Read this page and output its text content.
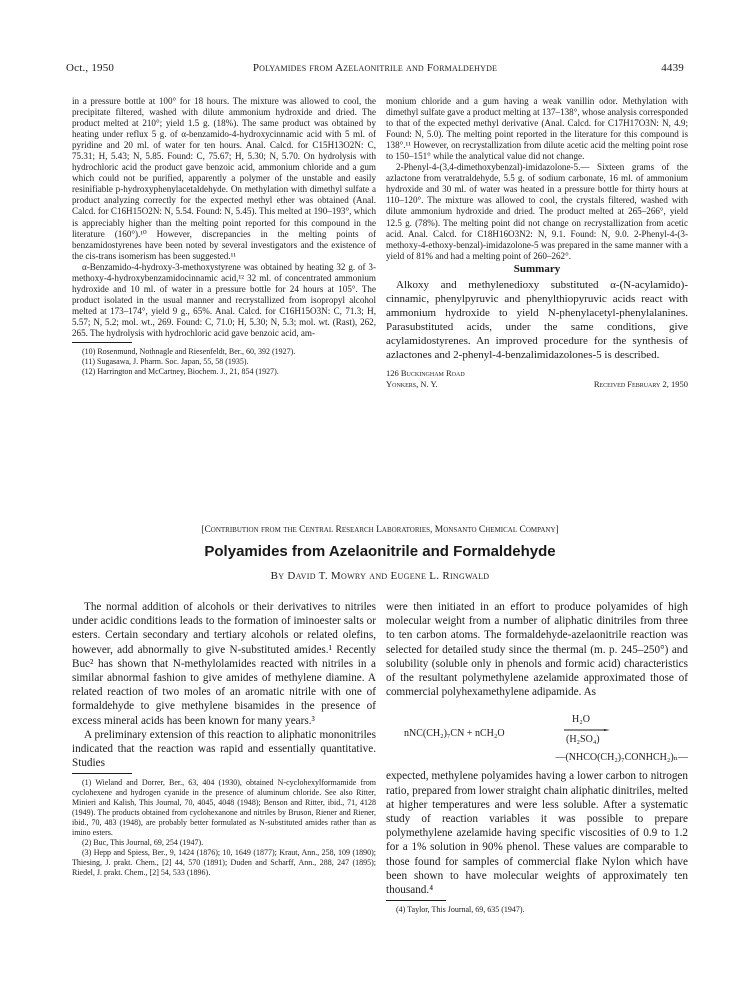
Oct., 1950	Polyamides from Azelaonitrile and Formaldehyde	4439

in a pressure bottle at 100° for 18 hours. The mixture was allowed to cool, the precipitate filtered, washed with dilute ammonium hydroxide and dried. The product melted at 210°; yield 1.5 g. (18%). The same product was obtained by heating under reflux 5 g. of α-benzamido-4-hydroxycinnamic acid with 5 ml. of pyridine and 20 ml. of water for ten hours. Anal. Calcd. for C15H13O2N: C, 75.31; H, 5.43; N, 5.85. Found: C, 75.67; H, 5.30; N, 5.70. On hydrolysis with hydrochloric acid the product gave benzoic acid, ammonium chloride and a gum which could not be purified, apparently a polymer of the unstable and easily resinifiable p-hydroxyphenylacetaldehyde. On methylation with dimethyl sulfate a product analyzing correctly for the expected methyl ether was obtained (Anal. Calcd. for C16H15O2N: N, 5.54. Found: N, 5.45). This melted at 190–193°, which is appreciably higher than the melting point reported for this compound in the literature (160°).¹⁰ However, discrepancies in the melting points of benzamidostyrenes have been noted by several investigators and the existence of the cis-trans isomerism has been suggested.¹¹

α-Benzamido-4-hydroxy-3-methoxystyrene was obtained by heating 32 g. of 3-methoxy-4-hydroxybenzamidocinnamic acid,¹² 32 ml. of concentrated ammonium hydroxide and 10 ml. of water in a pressure bottle for 24 hours at 105°. The product isolated in the usual manner and recrystallized from isopropyl alcohol melted at 173–174°, yield 9 g., 65%. Anal. Calcd. for C16H15O3N: C, 71.3; H, 5.57; N, 5.2; mol. wt., 269. Found: C, 71.0; H, 5.30; N, 5.3; mol. wt. (Rast), 262, 265. The hydrolysis with hydrochloric acid gave benzoic acid, am-

(10) Rosenmund, Nothnagle and Riesenfeldt, Ber., 60, 392 (1927).

(11) Sugasawa, J. Pharm. Soc. Japan, 55, 58 (1935).

(12) Harrington and McCartney, Biochem. J., 21, 854 (1927).

monium chloride and a gum having a weak vanillin odor. Methylation with dimethyl sulfate gave a product melting at 137–138°, whose analysis corresponded to that of the expected methyl derivative (Anal. Calcd. for C17H17O3N: N, 4.9; Found: N, 5.0). The melting point reported in the literature for this compound is 138°.¹¹ However, on recrystallization from dilute acetic acid the melting point rose to 150–151° while the analytical value did not change.

2-Phenyl-4-(3,4-dimethoxybenzal)-imidazolone-5.— Sixteen grams of the azlactone from veratraldehyde, 5.5 g. of sodium carbonate, 16 ml. of ammonium hydroxide and 30 ml. of water was heated in a pressure bottle for thirty hours at 110–120°. The mixture was allowed to cool, the crystals filtered, washed with dilute ammonium hydroxide and dried. The product melted at 265–266°, yield 12.5 g. (78%). The melting point did not change on recrystallization from acetic acid. Anal. Calcd. for C18H16O3N2: N, 9.1. Found: N, 9.0. 2-Phenyl-4-(3-methoxy-4-ethoxy-benzal)-imidazolone-5 was prepared in the same manner with a yield of 81% and had a melting point of 260–262°.

Summary

Alkoxy and methylenedioxy substituted α-(N-acylamido)-cinnamic, phenylpyruvic and phenylthiopyruvic acids react with ammonium hydroxide to yield N-phenylacetyl-phenylalanines. Parasubstituted acids, under the same conditions, give acylamidostyrenes. An improved procedure for the synthesis of azlactones and 2-phenyl-4-benzalimidazolones-5 is described.

126 Buckingham Road
Yonkers, N. Y.	Received February 2, 1950
[Contribution from the Central Research Laboratories, Monsanto Chemical Company]
Polyamides from Azelaonitrile and Formaldehyde
By David T. Mowry and Eugene L. Ringwald

The normal addition of alcohols or their derivatives to nitriles under acidic conditions leads to the formation of iminoester salts or esters. Certain secondary and tertiary alcohols or related olefins, however, add abnormally to give N-substituted amides.¹ Recently Buc² has shown that N-methylolamides reacted with nitriles in a similar abnormal fashion to give amides of methylene diamine. A related reaction of two moles of an aromatic nitrile with one of formaldehyde to give methylene bisamides in the presence of excess mineral acids has been known for many years.³

A preliminary extension of this reaction to aliphatic mononitriles indicated that the reaction was rapid and essentially quantitative. Studies

(1) Wieland and Dorrer, Ber., 63, 404 (1930), obtained N-cyclohexylformamide from cyclohexene and hydrogen cyanide in the presence of aluminum chloride. See also Ritter, Minieri and Kalish, This Journal, 70, 4045, 4048 (1948); Benson and Ritter, ibid., 71, 4128 (1949). The products obtained from cyclohexanone and nitriles by Bruson, Riener and Riener, ibid., 70, 483 (1948), are probably better formulated as N-substituted amides rather than as imino esters.

(2) Buc, This Journal, 69, 254 (1947).

(3) Hepp and Spiess, Ber., 9, 1424 (1876); 10, 1649 (1877); Kraut, Ann., 258, 109 (1890); Thiesing, J. prakt. Chem., [2] 44, 570 (1891); Duden and Scharff, Ann., 288, 247 (1895); Riedel, J. prakt. Chem., [2] 54, 533 (1896).

were then initiated in an effort to produce polyamides of high molecular weight from a number of aliphatic dinitriles from three to ten carbon atoms. The formaldehyde-azelaonitrile reaction was selected for detailed study since the thermal (m. p. 245–250°) and solubility (soluble only in phenols and formic acid) characteristics of the resultant polymethylene azelamide approximated those of commercial polyhexamethylene adipamide. As

nNC(CH₂)₇CN + nCH₂O
H₂O
(H₂SO₄)
—(NHCO(CH₂)₇CONHCH₂)ₙ—

expected, methylene polyamides having a lower carbon to nitrogen ratio, prepared from lower straight chain aliphatic dinitriles, melted at higher temperatures and were less soluble. After a systematic study of reaction variables it was possible to prepare polymethylene azelamide having specific viscosities of 0.9 to 1.2 for a 1% solution in 90% phenol. These values are comparable to those found for samples of commercial flake Nylon which have been shown to have molecular weights of approximately ten thousand.⁴

(4) Taylor, This Journal, 69, 635 (1947).
